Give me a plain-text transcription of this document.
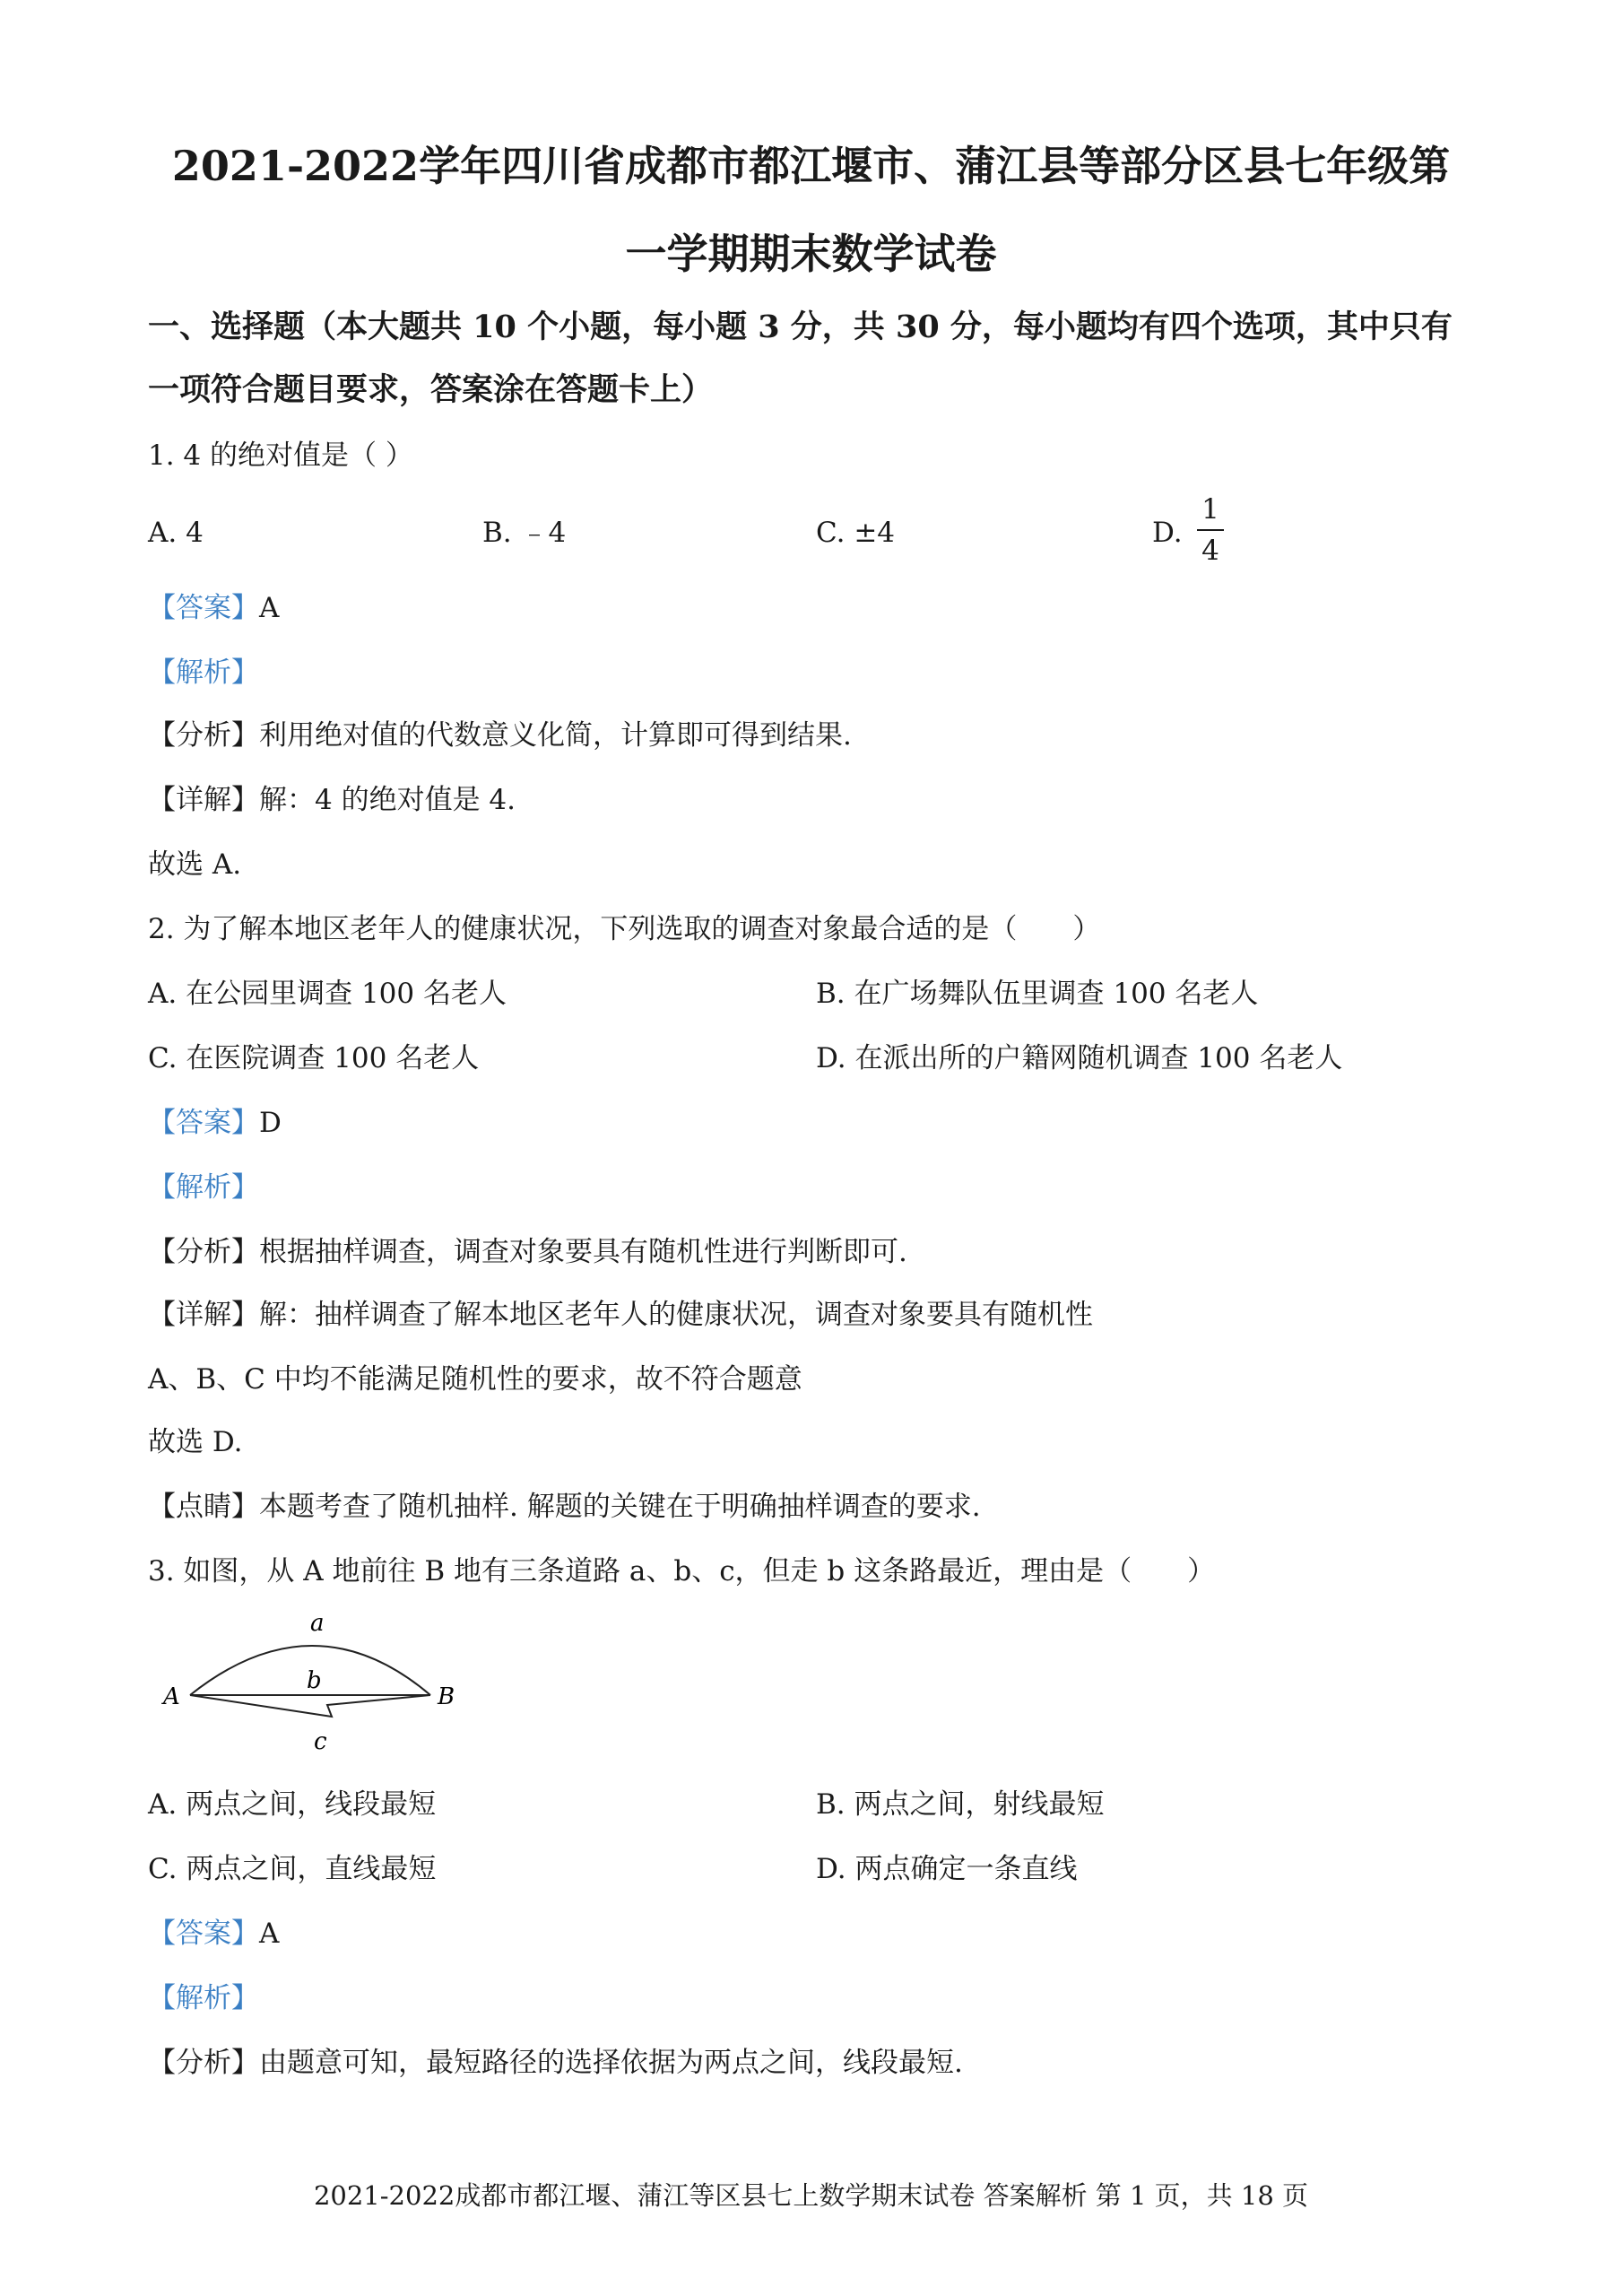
2021-2022学年四川省成都市都江堰市、蒲江县等部分区县七年级第
一学期期末数学试卷
一、选择题（本大题共 10 个小题，每小题 3 分，共 30 分，每小题均有四个选项，其中只有
一项符合题目要求，答案涂在答题卡上）
1. 4 的绝对值是（ ）
A. 4	B. ﹣4	C. ±4	D.
1
4
【答案】A
【解析】
【分析】利用绝对值的代数意义化简，计算即可得到结果.
【详解】解：4 的绝对值是 4.
故选 A.
2. 为了解本地区老年人的健康状况，下列选取的调查对象最合适的是（　　）
A. 在公园里调查 100 名老人	B. 在广场舞队伍里调查 100 名老人
C. 在医院调查 100 名老人	D. 在派出所的户籍网随机调查 100 名老人
【答案】D
【解析】
【分析】根据抽样调查，调查对象要具有随机性进行判断即可.
【详解】解：抽样调查了解本地区老年人的健康状况，调查对象要具有随机性
A、B、C 中均不能满足随机性的要求，故不符合题意
故选 D.
【点睛】本题考查了随机抽样. 解题的关键在于明确抽样调查的要求.
3. 如图，从 A 地前往 B 地有三条道路 a、b、c，但走 b 这条路最近，理由是（　　）
a
b
c
A	B
A. 两点之间，线段最短	B. 两点之间，射线最短
C. 两点之间，直线最短	D. 两点确定一条直线
【答案】A
【解析】
【分析】由题意可知，最短路径的选择依据为两点之间，线段最短.
2021-2022成都市都江堰、蒲江等区县七上数学期末试卷 答案解析 第 1 页，共 18 页
